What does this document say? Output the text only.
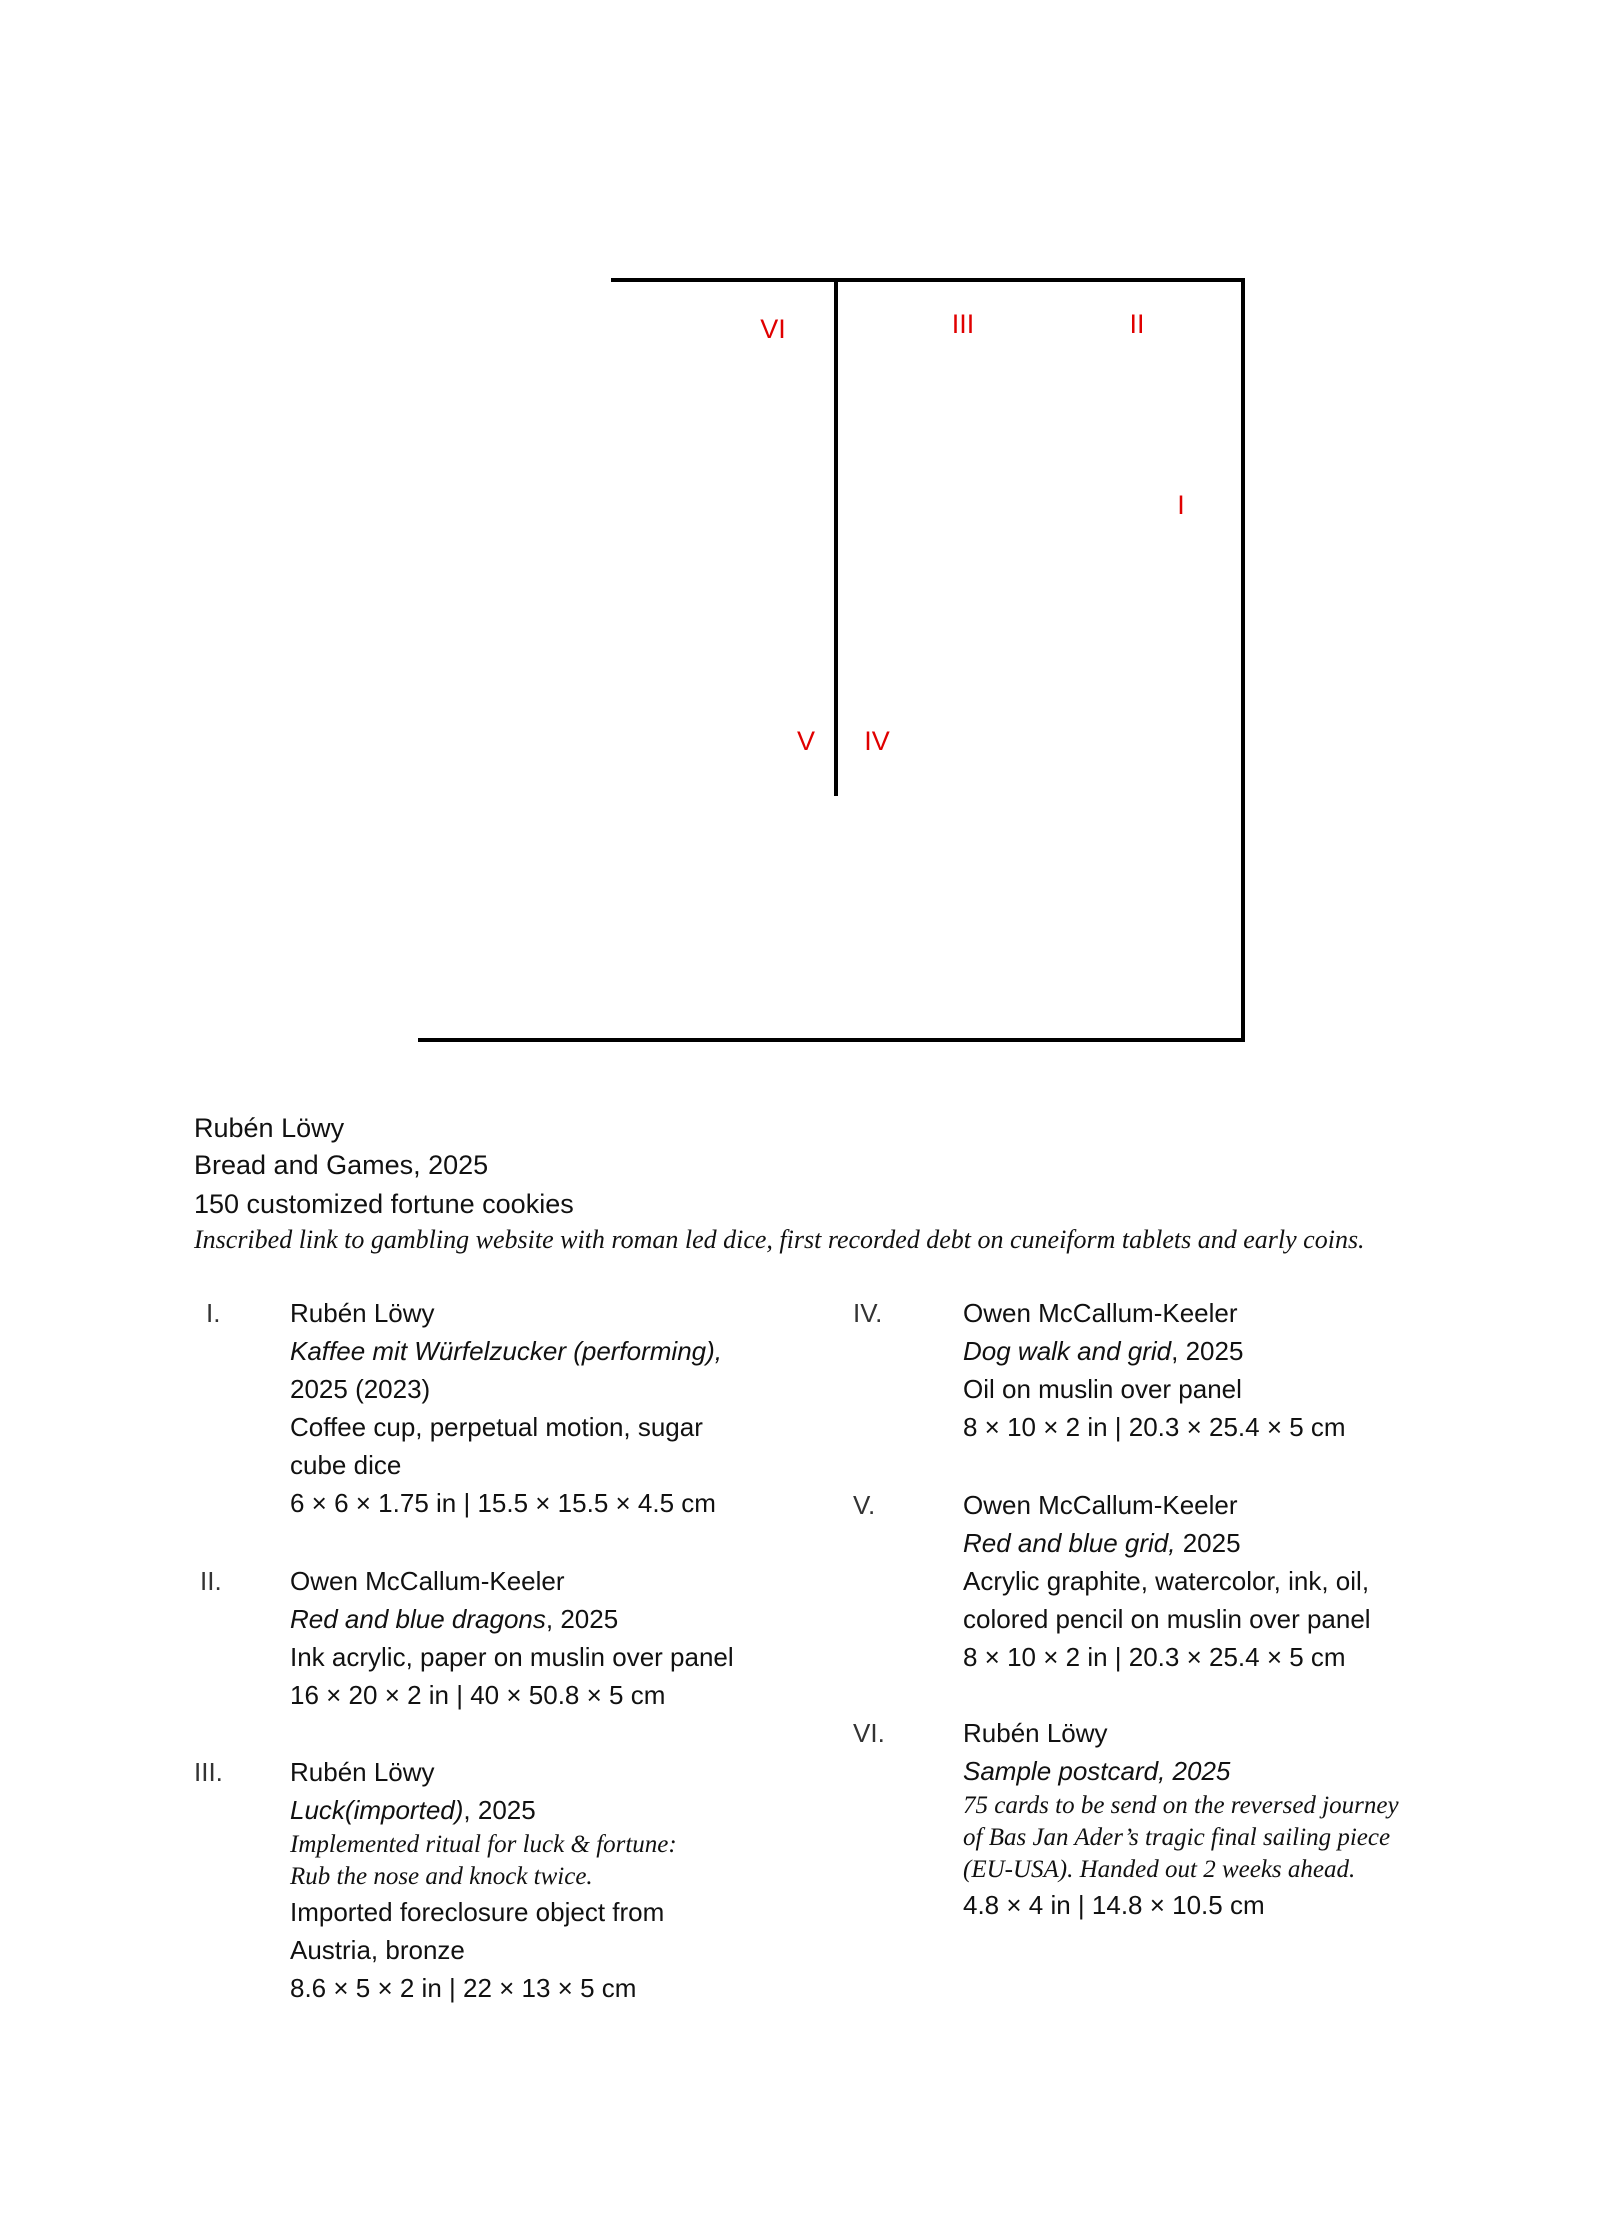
VI	III	II
I
V IV
Rubén Löwy
Bread and Games, 2025
150 customized fortune cookies
Inscribed link to gambling website with roman led dice, first recorded debt on cuneiform tablets and early coins.
I.	Rubén Löwy
Kaffee mit Würfelzucker (performing),
2025 (2023)
Coffee cup, perpetual motion, sugar
cube dice
6 × 6 × 1.75 in | 15.5 × 15.5 × 4.5 cm
II.	Owen McCallum-Keeler
Red and blue dragons, 2025
Ink acrylic, paper on muslin over panel
16 × 20 × 2 in | 40 × 50.8 × 5 cm
III.	Rubén Löwy
Luck(imported), 2025
Implemented ritual for luck & fortune:
Rub the nose and knock twice.
Imported foreclosure object from
Austria, bronze
8.6 × 5 × 2 in | 22 × 13 × 5 cm
IV.	Owen McCallum-Keeler
Dog walk and grid, 2025
Oil on muslin over panel
8 × 10 × 2 in | 20.3 × 25.4 × 5 cm
V.	Owen McCallum-Keeler
Red and blue grid, 2025
Acrylic graphite, watercolor, ink, oil,
colored pencil on muslin over panel
8 × 10 × 2 in | 20.3 × 25.4 × 5 cm
VI.	Rubén Löwy
Sample postcard, 2025
75 cards to be send on the reversed journey
of Bas Jan Ader’s tragic final sailing piece
(EU-USA). Handed out 2 weeks ahead.
4.8 × 4 in | 14.8 × 10.5 cm
